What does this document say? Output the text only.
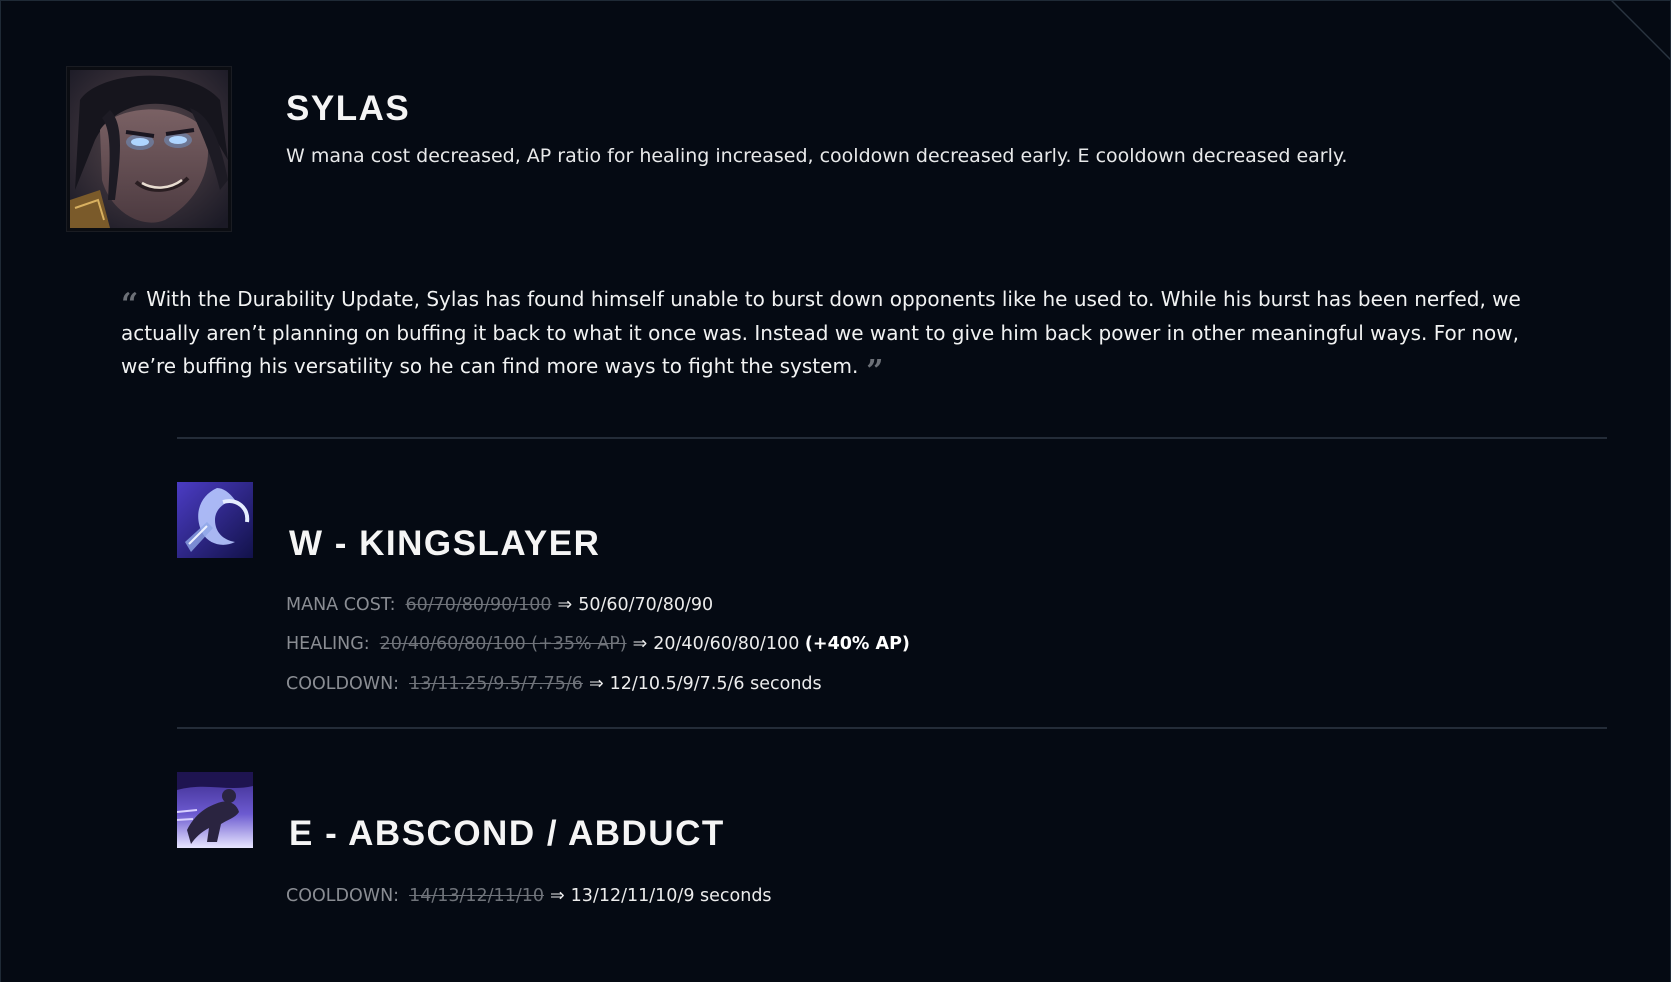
SYLAS

W mana cost decreased, AP ratio for healing increased, cooldown decreased early. E cooldown decreased early.

“ With the Durability Update, Sylas has found himself unable to burst down opponents like he used to. While his burst has been nerfed, we actually aren’t planning on buffing it back to what it once was. Instead we want to give him back power in other meaningful ways. For now, we’re buffing his versatility so he can find more ways to fight the system. ”

W - KINGSLAYER

MANA COST: 60/70/80/90/100 ⇒ 50/60/70/80/90

HEALING: 20/40/60/80/100 (+35% AP) ⇒ 20/40/60/80/100 (+40% AP)

COOLDOWN: 13/11.25/9.5/7.75/6 ⇒ 12/10.5/9/7.5/6 seconds

E - ABSCOND / ABDUCT

COOLDOWN: 14/13/12/11/10 ⇒ 13/12/11/10/9 seconds
